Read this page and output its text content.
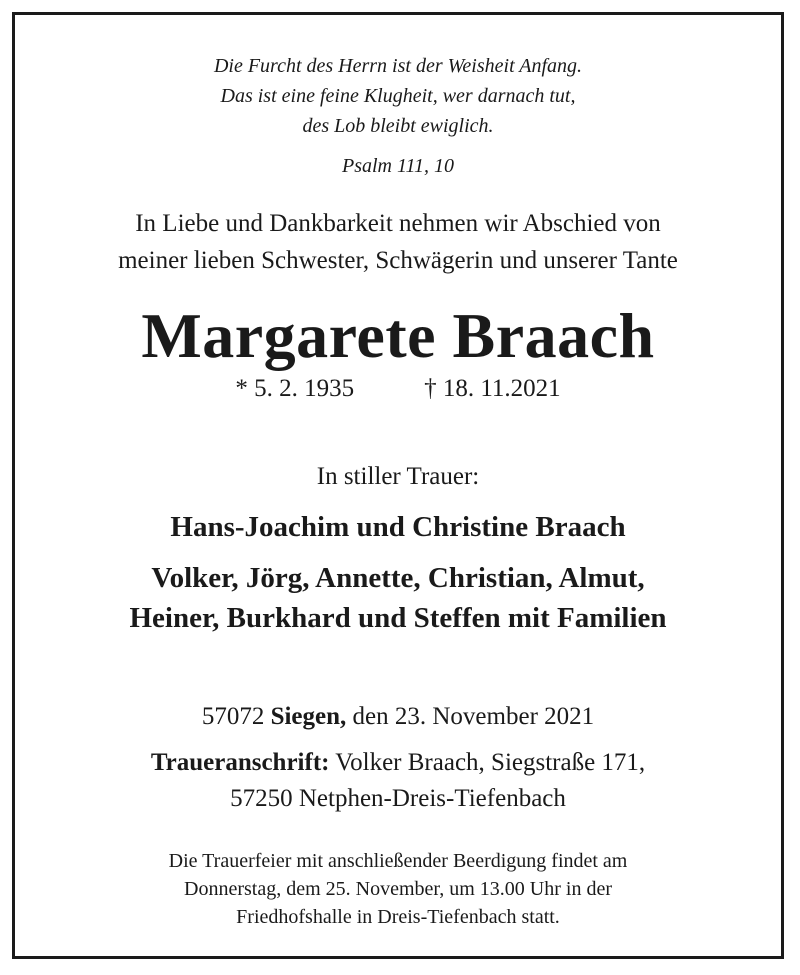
Die Furcht des Herrn ist der Weisheit Anfang.
Das ist eine feine Klugheit, wer darnach tut,
des Lob bleibt ewiglich.
Psalm 111, 10
In Liebe und Dankbarkeit nehmen wir Abschied von
meiner lieben Schwester, Schwägerin und unserer Tante
Margarete Braach
* 5. 2. 1935	† 18. 11.2021
In stiller Trauer:
Hans-Joachim und Christine Braach
Volker, Jörg, Annette, Christian, Almut,
Heiner, Burkhard und Steffen mit Familien
57072 Siegen, den 23. November 2021
Traueranschrift: Volker Braach, Siegstraße 171,
57250 Netphen-Dreis-Tiefenbach
Die Trauerfeier mit anschließender Beerdigung findet am
Donnerstag, dem 25. November, um 13.00 Uhr in der
Friedhofshalle in Dreis-Tiefenbach statt.
